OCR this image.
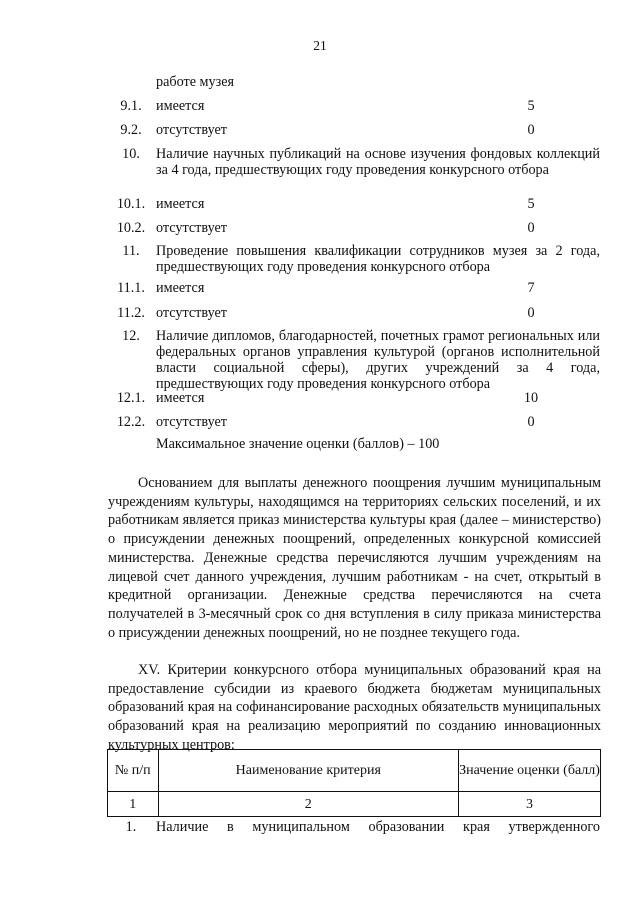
21
работе музея
9.1.	имеется	5
9.2.	отсутствует	0
10.	Наличие научных публикаций на основе изучения фондовых коллекций за 4 года, предшествующих году проведения конкурсного отбора
10.1. имеется	5
10.2. отсутствует	0
11.	Проведение повышения квалификации сотрудников музея за 2 года, предшествующих году проведения конкурсного отбора
11.1. имеется	7
11.2. отсутствует	0
12.	Наличие дипломов, благодарностей, почетных грамот региональных или федеральных органов управления культурой (органов исполнительной власти социальной сферы), других учреждений за 4 года, предшествующих году проведения конкурсного отбора
12.1. имеется	10
12.2. отсутствует	0
Максимальное значение оценки (баллов) – 100
Основанием для выплаты денежного поощрения лучшим муниципальным учреждениям культуры, находящимся на территориях сельских поселений, и их работникам является приказ министерства культуры края (далее – министерство) о присуждении денежных поощрений, определенных конкурсной комиссией министерства. Денежные средства перечисляются лучшим учреждениям на лицевой счет данного учреждения, лучшим работникам - на счет, открытый в кредитной организации. Денежные средства перечисляются на счета получателей в 3-месячный срок со дня вступления в силу приказа министерства о присуждении денежных поощрений, но не позднее текущего года.
XV. Критерии конкурсного отбора муниципальных образований края на предоставление субсидии из краевого бюджета бюджетам муниципальных образований края на софинансирование расходных обязательств муниципальных образований края на реализацию мероприятий по созданию инновационных культурных центров:
№ п/п	Наименование критерия	Значение оценки (балл)
1	2	3
1.	Наличие в муниципальном образовании края утвержденного
